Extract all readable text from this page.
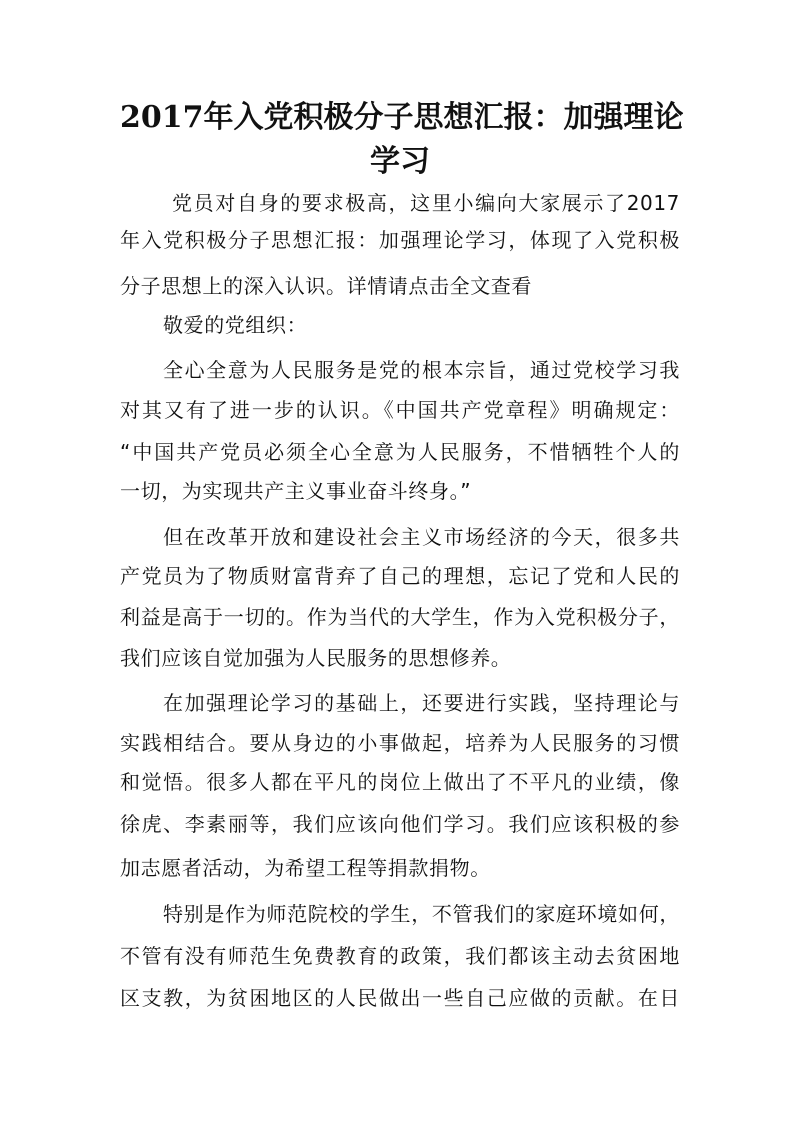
2017年入党积极分子思想汇报：加强理论
学习
党员对自身的要求极高，这里小编向大家展示了2017
年入党积极分子思想汇报：加强理论学习，体现了入党积极
分子思想上的深入认识。详情请点击全文查看
敬爱的党组织：
全心全意为人民服务是党的根本宗旨，通过党校学习我
对其又有了进一步的认识。《中国共产党章程》明确规定：
“中国共产党员必须全心全意为人民服务，不惜牺牲个人的
一切，为实现共产主义事业奋斗终身。”
但在改革开放和建设社会主义市场经济的今天，很多共
产党员为了物质财富背弃了自己的理想，忘记了党和人民的
利益是高于一切的。作为当代的大学生，作为入党积极分子，
我们应该自觉加强为人民服务的思想修养。
在加强理论学习的基础上，还要进行实践，坚持理论与
实践相结合。要从身边的小事做起，培养为人民服务的习惯
和觉悟。很多人都在平凡的岗位上做出了不平凡的业绩，像
徐虎、李素丽等，我们应该向他们学习。我们应该积极的参
加志愿者活动，为希望工程等捐款捐物。
特别是作为师范院校的学生，不管我们的家庭环境如何，
不管有没有师范生免费教育的政策，我们都该主动去贫困地
区支教，为贫困地区的人民做出一些自己应做的贡献。在日
